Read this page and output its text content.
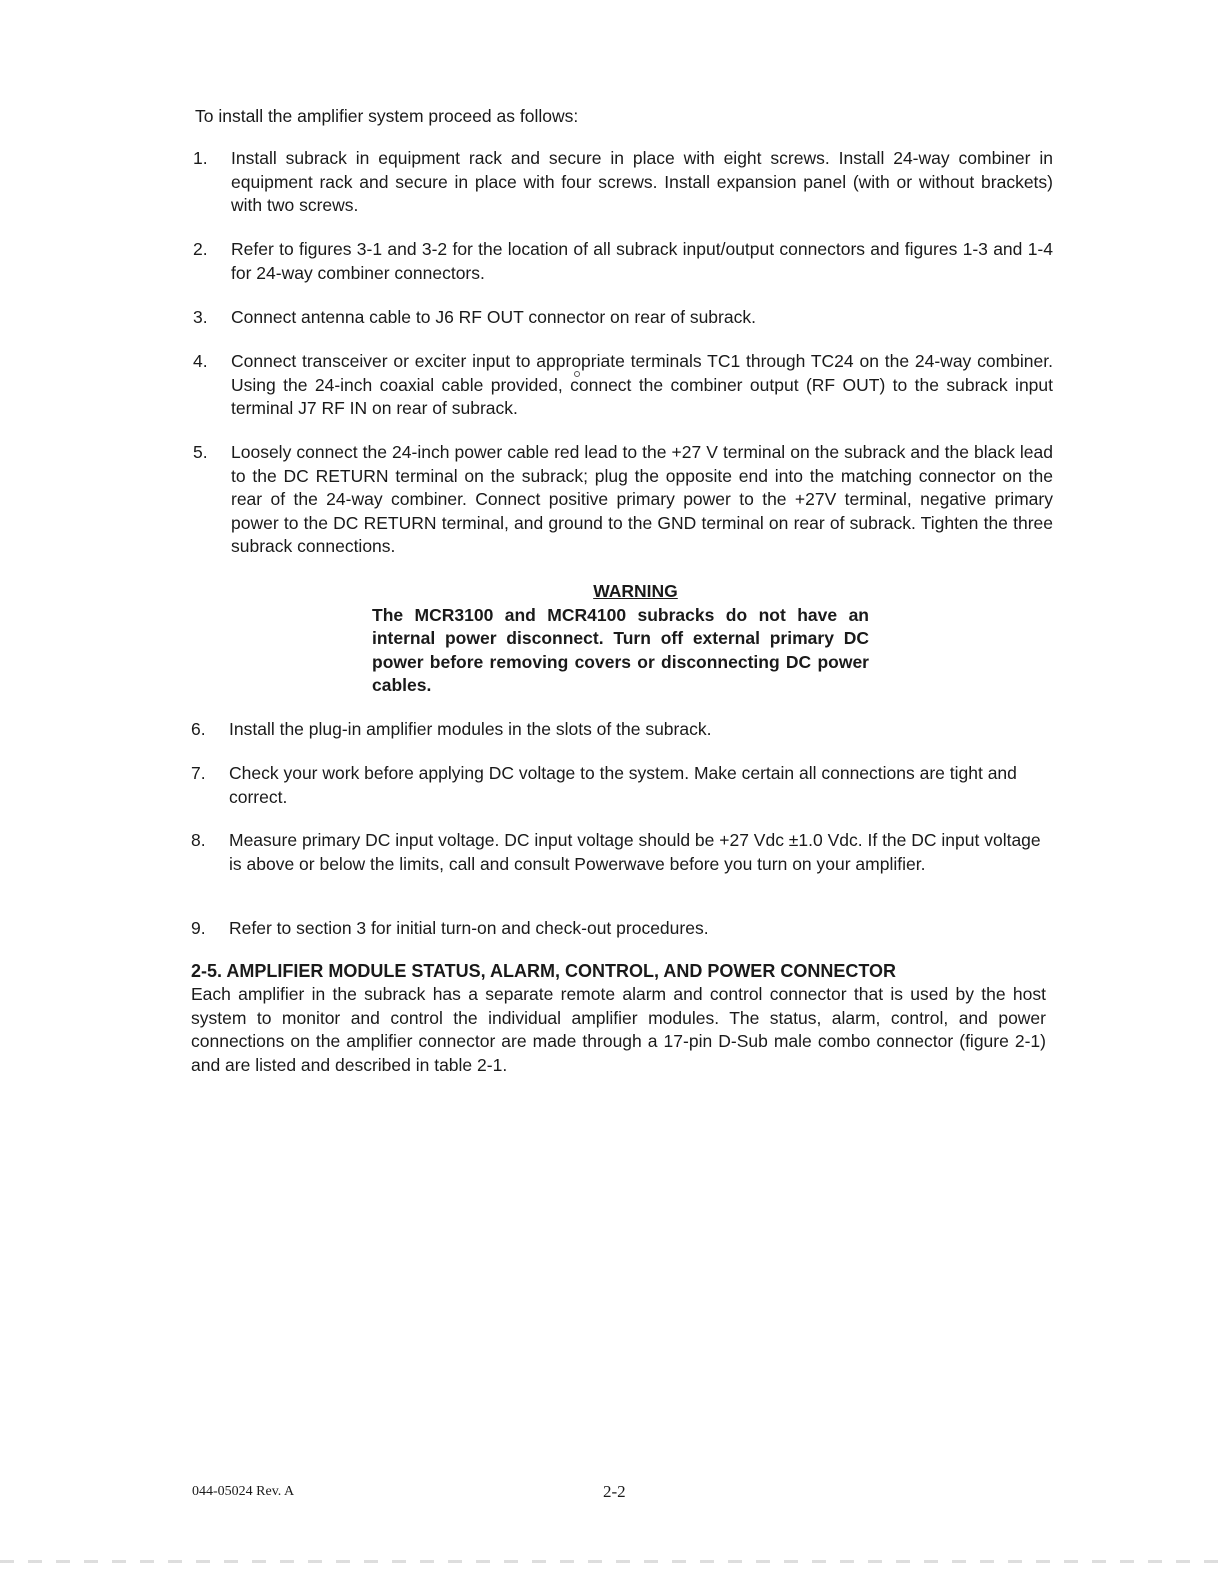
To install the amplifier system proceed as follows:
1.	Install subrack in equipment rack and secure in place with eight screws. Install 24-way combiner in equipment rack and secure in place with four screws. Install expansion panel (with or without brackets) with two screws.
2.	Refer to figures 3-1 and 3-2 for the location of all subrack input/output connectors and figures 1-3 and 1-4 for 24-way combiner connectors.
3.	Connect antenna cable to J6 RF OUT connector on rear of subrack.
4.	Connect transceiver or exciter input to appropriate terminals TC1 through TC24 on the 24-way combiner. Using the 24-inch coaxial cable provided, connect the combiner output (RF OUT) to the subrack input terminal J7 RF IN on rear of subrack.
5.	Loosely connect the 24-inch power cable red lead to the +27 V terminal on the subrack and the black lead to the DC RETURN terminal on the subrack; plug the opposite end into the matching connector on the rear of the 24-way combiner. Connect positive primary power to the +27V terminal, negative primary power to the DC RETURN terminal, and ground to the GND terminal on rear of subrack. Tighten the three subrack connections.
WARNING
The MCR3100 and MCR4100 subracks do not have an internal power disconnect. Turn off external primary DC power before removing covers or disconnecting DC power cables.
6.	Install the plug-in amplifier modules in the slots of the subrack.
7.	Check your work before applying DC voltage to the system. Make certain all connections are tight and correct.
8.	Measure primary DC input voltage. DC input voltage should be +27 Vdc ±1.0 Vdc. If the DC input voltage is above or below the limits, call and consult Powerwave before you turn on your amplifier.
9.	Refer to section 3 for initial turn-on and check-out procedures.
2-5. AMPLIFIER MODULE STATUS, ALARM, CONTROL, AND POWER CONNECTOR
Each amplifier in the subrack has a separate remote alarm and control connector that is used by the host system to monitor and control the individual amplifier modules. The status, alarm, control, and power connections on the amplifier connector are made through a 17-pin D-Sub male combo connector (figure 2-1) and are listed and described in table 2-1.
044-05024 Rev. A	2-2
